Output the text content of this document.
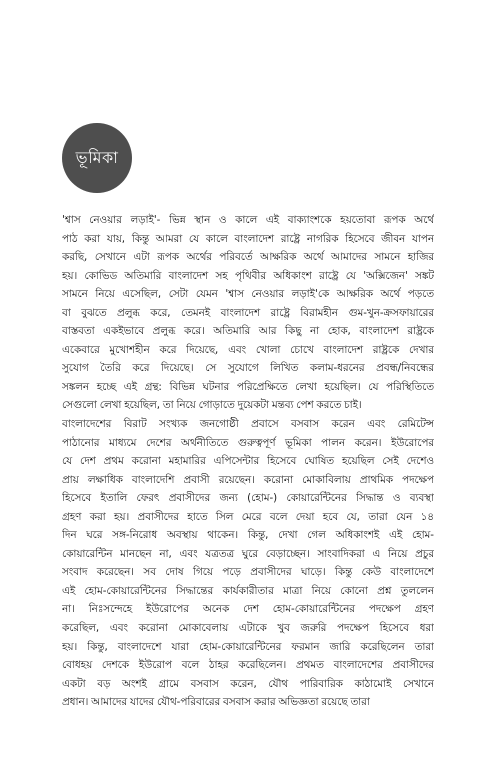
ভূমিকা
'শ্বাস নেওয়ার লড়াই'- ভিন্ন স্থান ও কালে এই বাক্যাংশকে হয়তোবা রূপক অর্থে
পাঠ করা যায়, কিন্তু আমরা যে কালে বাংলাদেশ রাষ্ট্রে নাগরিক হিসেবে জীবন যাপন
করছি, সেখানে এটা রূপক অর্থের পরিবর্তে আক্ষরিক অর্থে আমাদের সামনে হাজির
হয়। কোভিড অতিমারি বাংলাদেশ সহ পৃথিবীর অধিকাংশ রাষ্ট্রে যে 'অক্সিজেন' সঙ্কট
সামনে নিয়ে এসেছিল, সেটা যেমন 'শ্বাস নেওয়ার লড়াই'কে আক্ষরিক অর্থে পড়তে
বা বুঝতে প্রলুব্ধ করে, তেমনই বাংলাদেশ রাষ্ট্রে বিরামহীন গুম-খুন-ক্রসফায়ারের
বাস্তবতা একইভাবে প্রলুব্ধ করে। অতিমারি আর কিছু না হোক, বাংলাদেশ রাষ্ট্রকে
একেবারে মুখোশহীন করে দিয়েছে, এবং খোলা চোখে বাংলাদেশ রাষ্ট্রকে দেখার
সুযোগ তৈরি করে দিয়েছে। সে সুযোগে লিখিত কলাম-ধরনের প্রবন্ধ/নিবন্ধের
সঙ্কলন হচ্ছে এই গ্রন্থ: বিভিন্ন ঘটনার পরিপ্রেক্ষিতে লেখা হয়েছিল। যে পরিস্থিতিতে
সেগুলো লেখা হয়েছিল, তা নিয়ে গোড়াতে দুয়েকটা মন্তব্য পেশ করতে চাই।
বাংলাদেশের বিরাট সংখ্যক জনগোষ্ঠী প্রবাসে বসবাস করেন এবং রেমিটেন্স
পাঠানোর মাধ্যমে দেশের অর্থনীতিতে গুরুত্বপূর্ণ ভূমিকা পালন করেন। ইউরোপের
যে দেশ প্রথম করোনা মহামারির এপিসেন্টার হিসেবে ঘোষিত হয়েছিল সেই দেশেও
প্রায় লক্ষাধিক বাংলাদেশি প্রবাসী রয়েছেন। করোনা মোকাবিলায় প্রাথমিক পদক্ষেপ
হিসেবে ইতালি ফেরৎ প্রবাসীদের জন্য (হোম-) কোয়ারেন্টিনের সিদ্ধান্ত ও ব্যবস্থা
গ্রহণ করা হয়। প্রবাসীদের হাতে সিল মেরে বলে দেয়া হবে যে, তারা যেন ১৪
দিন ঘরে সঙ্গ-নিরোধ অবস্থায় থাকেন। কিন্তু, দেখা গেল অধিকাংশই এই হোম-
কোয়ারেন্টিন মানছেন না, এবং যত্রতত্র ঘুরে বেড়াচ্ছেন। সাংবাদিকরা এ নিয়ে প্রচুর
সংবাদ করেছেন। সব দোষ গিয়ে পড়ে প্রবাসীদের ঘাড়ে। কিন্তু কেউ বাংলাদেশে
এই হোম-কোয়ারেন্টিনের সিদ্ধান্তের কার্যকারীতার মাত্রা নিয়ে কোনো প্রশ্ন তুললেন
না। নিঃসন্দেহে ইউরোপের অনেক দেশ হোম-কোয়ারেন্টিনের পদক্ষেপ গ্রহণ
করেছিল, এবং করোনা মোকাবেলায় এটাকে খুব জরুরি পদক্ষেপ হিসেবে ধরা
হয়। কিন্তু, বাংলাদেশে যারা হোম-কোয়ারেন্টিনের ফরমান জারি করেছিলেন তারা
বোধহয় দেশকে ইউরোপ বলে ঠাহর করেছিলেন। প্রথমত বাংলাদেশের প্রবাসীদের
একটা বড় অংশই গ্রামে বসবাস করেন, যৌথ পারিবারিক কাঠামোই সেখানে
প্রধান। আমাদের যাদের যৌথ-পরিবারের বসবাস করার অভিজ্ঞতা রয়েছে তারা
